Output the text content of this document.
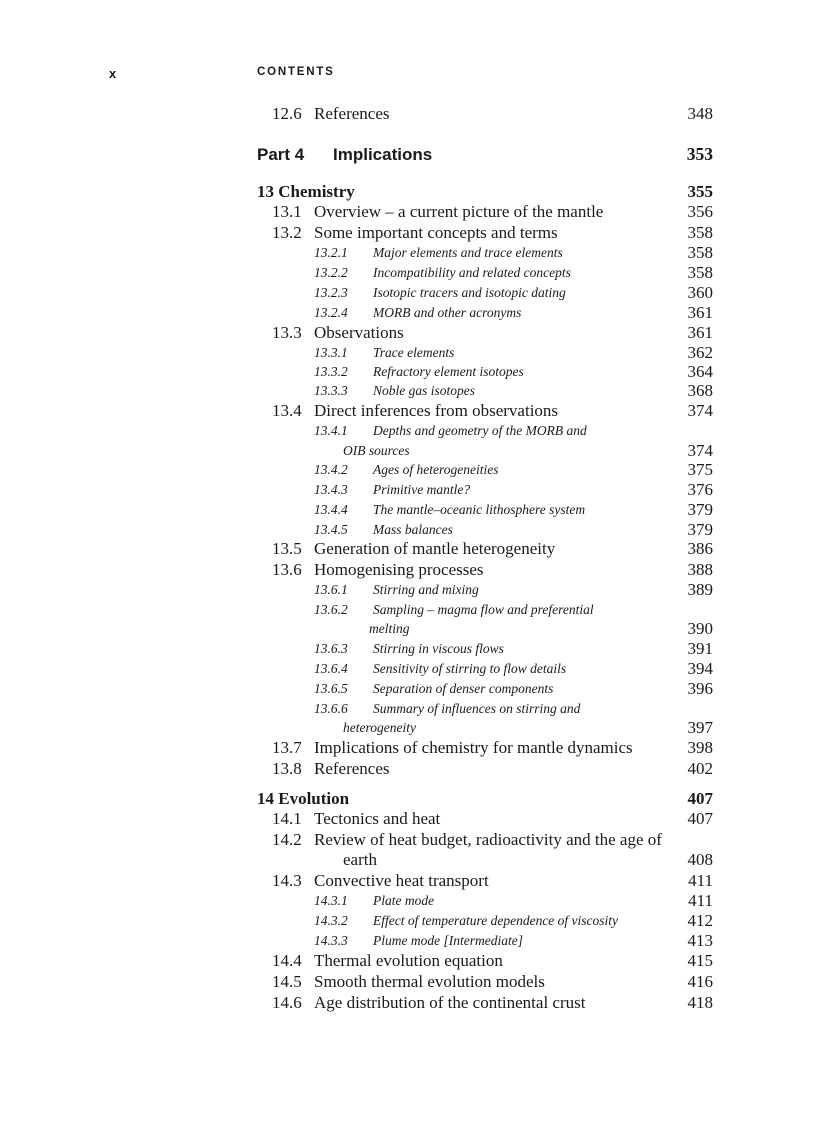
x	CONTENTS
12.6 References	348
Part 4 Implications	353
13 Chemistry	355
13.1 Overview – a current picture of the mantle	356
13.2 Some important concepts and terms	358
13.2.1 Major elements and trace elements	358
13.2.2 Incompatibility and related concepts	358
13.2.3 Isotopic tracers and isotopic dating	360
13.2.4 MORB and other acronyms	361
13.3 Observations	361
13.3.1 Trace elements	362
13.3.2 Refractory element isotopes	364
13.3.3 Noble gas isotopes	368
13.4 Direct inferences from observations	374
13.4.1 Depths and geometry of the MORB and
OIB sources	374
13.4.2 Ages of heterogeneities	375
13.4.3 Primitive mantle?	376
13.4.4 The mantle–oceanic lithosphere system	379
13.4.5 Mass balances	379
13.5 Generation of mantle heterogeneity	386
13.6 Homogenising processes	388
13.6.1 Stirring and mixing	389
13.6.2 Sampling – magma flow and preferential
melting	390
13.6.3 Stirring in viscous flows	391
13.6.4 Sensitivity of stirring to flow details	394
13.6.5 Separation of denser components	396
13.6.6 Summary of influences on stirring and
heterogeneity	397
13.7 Implications of chemistry for mantle dynamics	398
13.8 References	402
14 Evolution	407
14.1 Tectonics and heat	407
14.2 Review of heat budget, radioactivity and the age of
earth	408
14.3 Convective heat transport	411
14.3.1 Plate mode	411
14.3.2 Effect of temperature dependence of viscosity	412
14.3.3 Plume mode [Intermediate]	413
14.4 Thermal evolution equation	415
14.5 Smooth thermal evolution models	416
14.6 Age distribution of the continental crust	418
